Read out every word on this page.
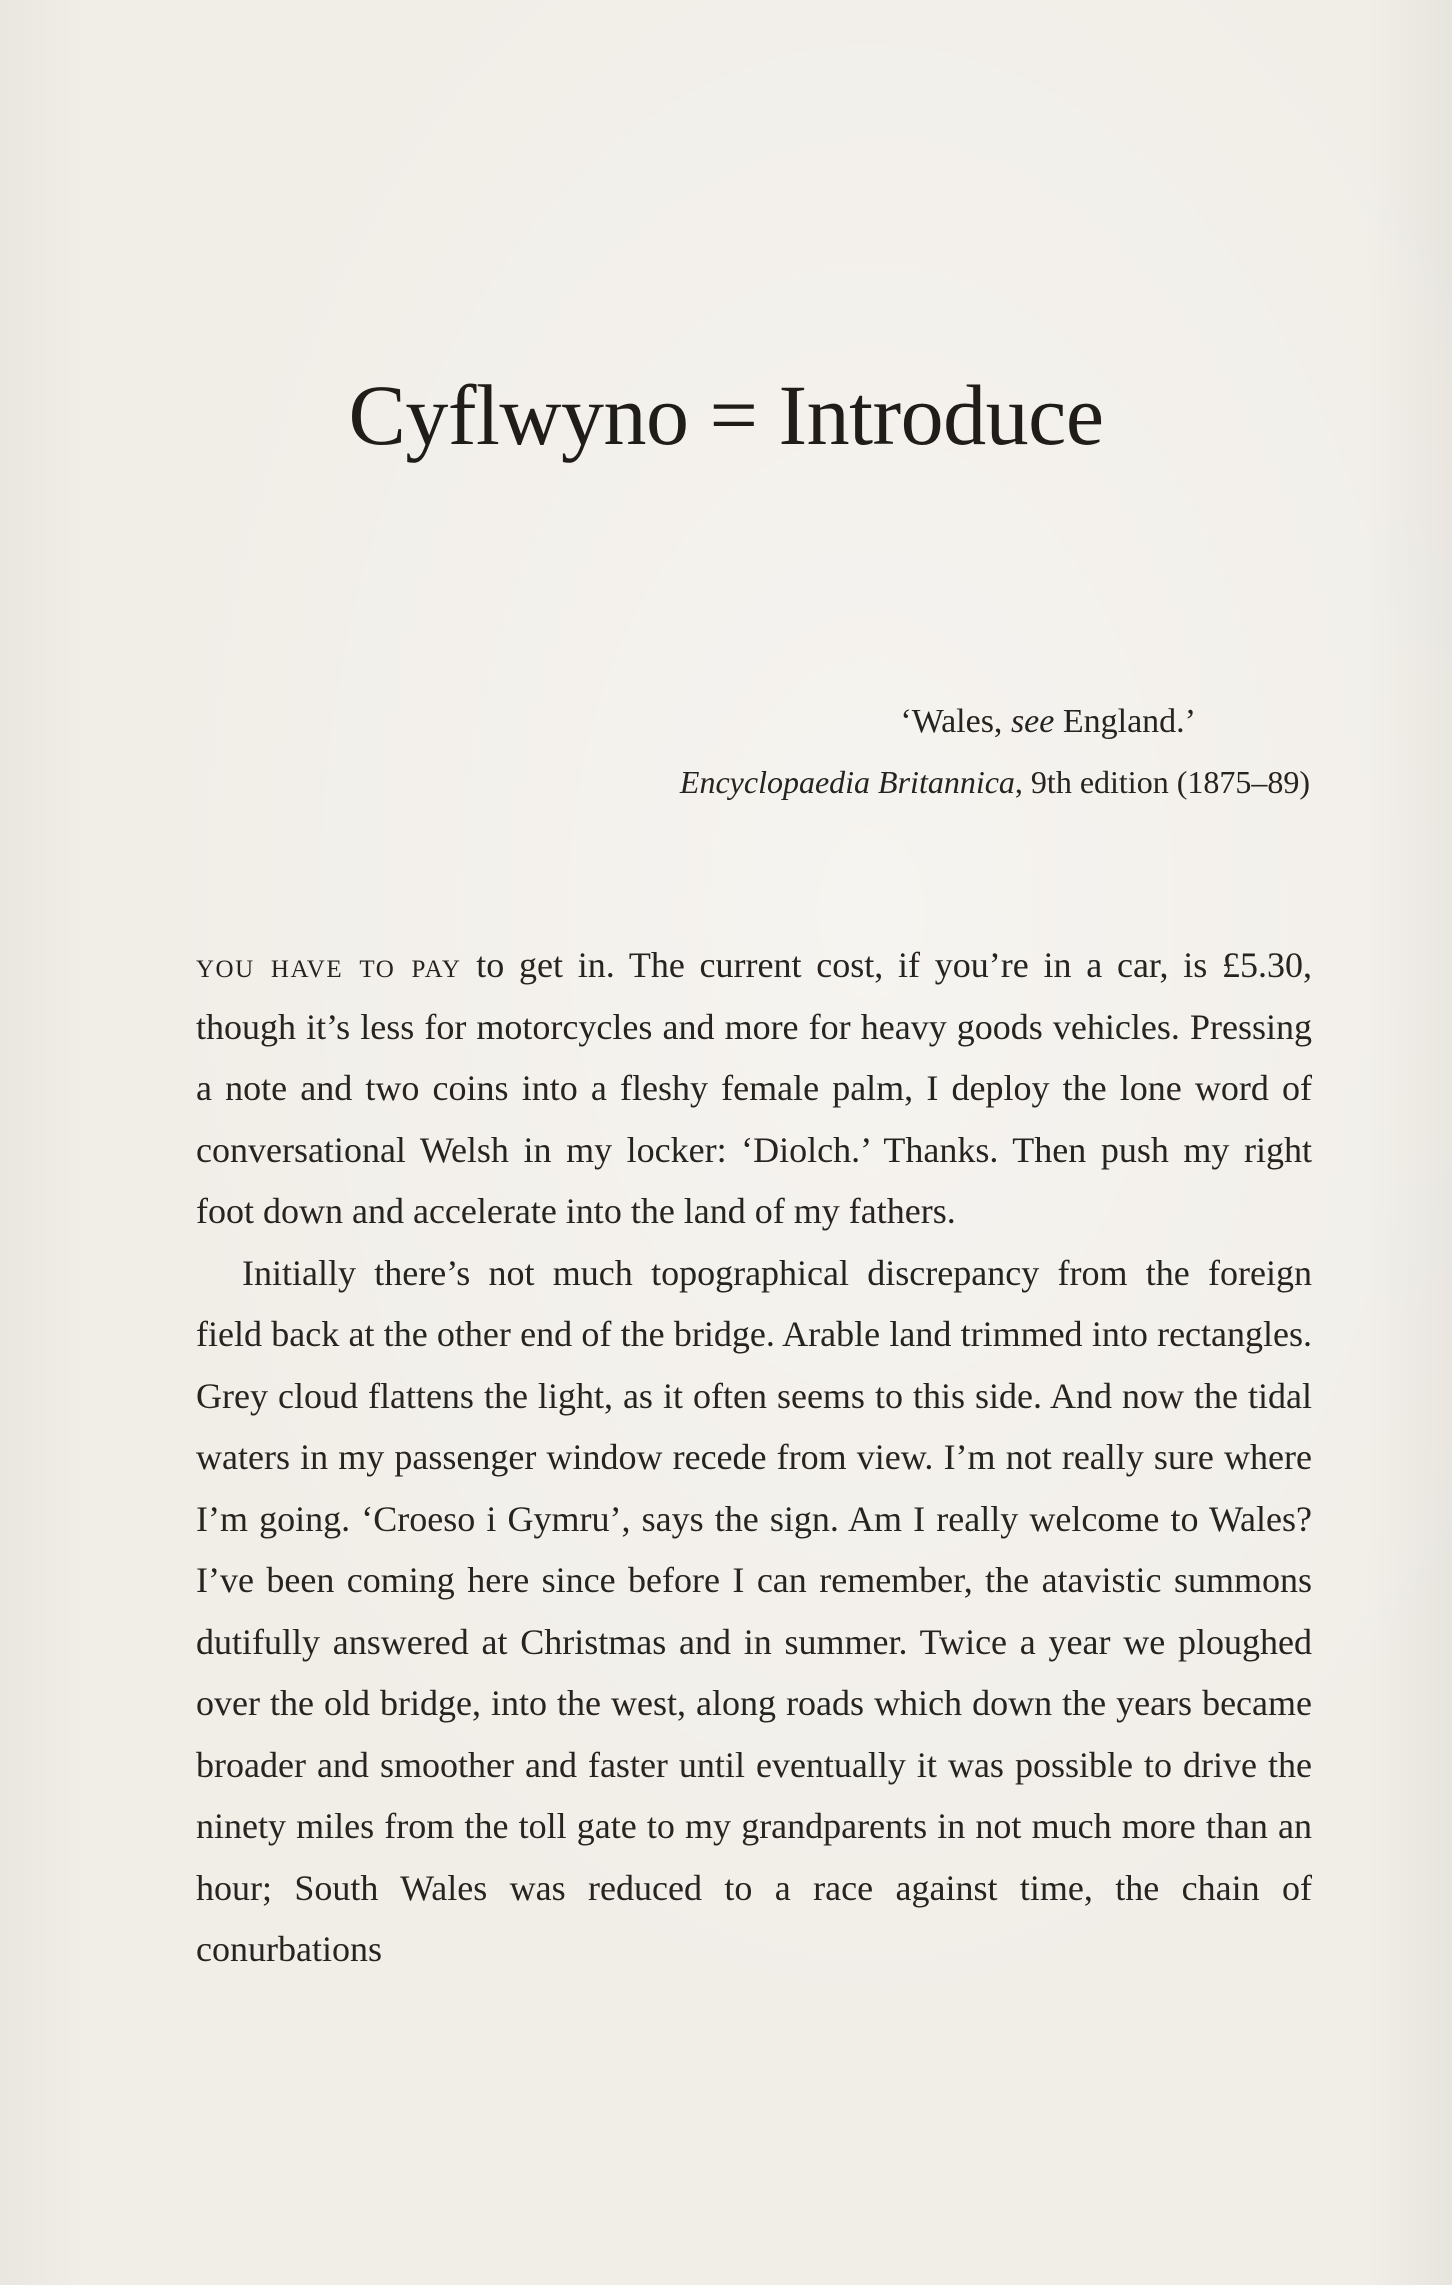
Cyflwyno = Introduce
‘Wales, see England.’
Encyclopaedia Britannica, 9th edition (1875–89)

you have to pay to get in. The current cost, if you’re in a car, is £5.30, though it’s less for motorcycles and more for heavy goods vehicles. Pressing a note and two coins into a fleshy female palm, I deploy the lone word of conversational Welsh in my locker: ‘Diolch.’ Thanks. Then push my right foot down and accelerate into the land of my fathers.

Initially there’s not much topographical discrepancy from the foreign field back at the other end of the bridge. Arable land trimmed into rectangles. Grey cloud flattens the light, as it often seems to this side. And now the tidal waters in my passenger window recede from view. I’m not really sure where I’m going. ‘Croeso i Gymru’, says the sign. Am I really welcome to Wales? I’ve been coming here since before I can remember, the atavistic summons dutifully answered at Christmas and in summer. Twice a year we ploughed over the old bridge, into the west, along roads which down the years became broader and smoother and faster until eventually it was possible to drive the ninety miles from the toll gate to my grandparents in not much more than an hour; South Wales was reduced to a race against time, the chain of conurbations
